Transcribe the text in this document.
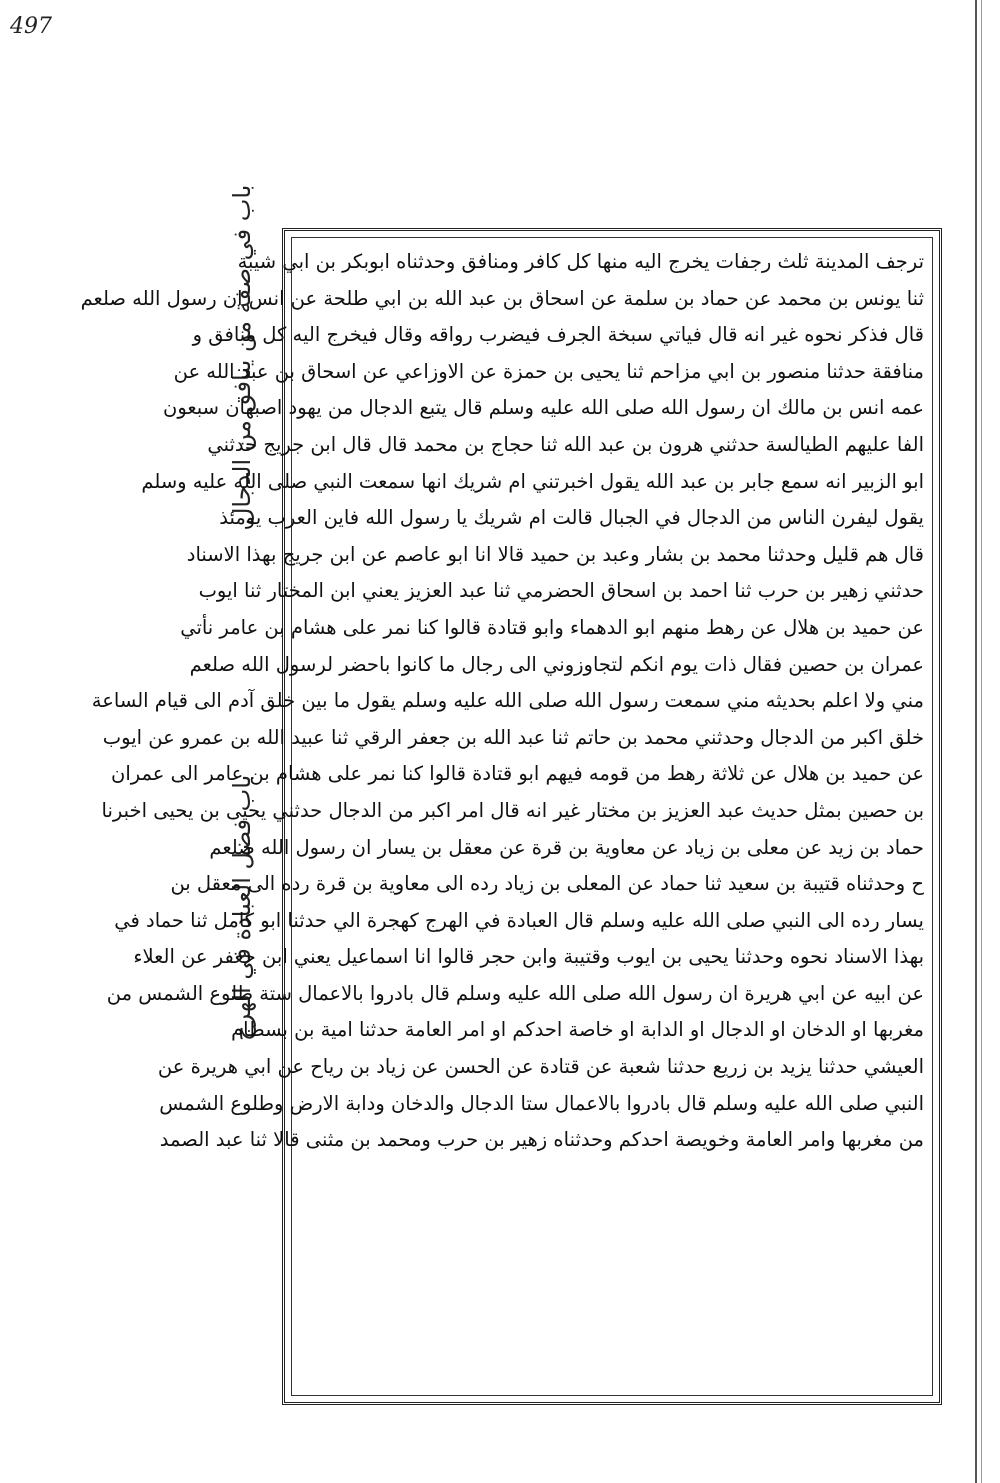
497
باب في صفة من ينافق من الدجال
باب فضل العبادة في الهرج
ترجف المدينة ثلث رجفات يخرج اليه منها كل كافر ومنافق وحدثناه ابوبكر بن ابي شيبة
ثنا يونس بن محمد عن حماد بن سلمة عن اسحاق بن عبد الله بن ابي طلحة عن انس ان رسول الله صلعم
قال فذكر نحوه غير انه قال فياتي سبخة الجرف فيضرب رواقه وقال فيخرج اليه كل منافق و
منافقة حدثنا منصور بن ابي مزاحم ثنا يحيى بن حمزة عن الاوزاعي عن اسحاق بن عبد الله عن
عمه انس بن مالك ان رسول الله صلى الله عليه وسلم قال يتبع الدجال من يهود اصبهان سبعون
الفا عليهم الطيالسة حدثني هرون بن عبد الله ثنا حجاج بن محمد قال قال ابن جريج حدثني
ابو الزبير انه سمع جابر بن عبد الله يقول اخبرتني ام شريك انها سمعت النبي صلى الله عليه وسلم
يقول ليفرن الناس من الدجال في الجبال قالت ام شريك يا رسول الله فاين العرب يومئذ
قال هم قليل وحدثنا محمد بن بشار وعبد بن حميد قالا انا ابو عاصم عن ابن جريج بهذا الاسناد
حدثني زهير بن حرب ثنا احمد بن اسحاق الحضرمي ثنا عبد العزيز يعني ابن المختار ثنا ايوب
عن حميد بن هلال عن رهط منهم ابو الدهماء وابو قتادة قالوا كنا نمر على هشام بن عامر نأتي
عمران بن حصين فقال ذات يوم انكم لتجاوزوني الى رجال ما كانوا باحضر لرسول الله صلعم
مني ولا اعلم بحديثه مني سمعت رسول الله صلى الله عليه وسلم يقول ما بين خلق آدم الى قيام الساعة
خلق اكبر من الدجال وحدثني محمد بن حاتم ثنا عبد الله بن جعفر الرقي ثنا عبيد الله بن عمرو عن ايوب
عن حميد بن هلال عن ثلاثة رهط من قومه فيهم ابو قتادة قالوا كنا نمر على هشام بن عامر الى عمران
بن حصين بمثل حديث عبد العزيز بن مختار غير انه قال امر اكبر من الدجال حدثني يحيى بن يحيى اخبرنا
حماد بن زيد عن معلى بن زياد عن معاوية بن قرة عن معقل بن يسار ان رسول الله صلعم
ح وحدثناه قتيبة بن سعيد ثنا حماد عن المعلى بن زياد رده الى معاوية بن قرة رده الى معقل بن
يسار رده الى النبي صلى الله عليه وسلم قال العبادة في الهرج كهجرة الي حدثنا ابو كامل ثنا حماد في
بهذا الاسناد نحوه وحدثنا يحيى بن ايوب وقتيبة وابن حجر قالوا انا اسماعيل يعني ابن جعفر عن العلاء
عن ابيه عن ابي هريرة ان رسول الله صلى الله عليه وسلم قال بادروا بالاعمال ستة طلوع الشمس من
مغربها او الدخان او الدجال او الدابة او خاصة احدكم او امر العامة حدثنا امية بن بسطام
العيشي حدثنا يزيد بن زريع حدثنا شعبة عن قتادة عن الحسن عن زياد بن رياح عن ابي هريرة عن
النبي صلى الله عليه وسلم قال بادروا بالاعمال ستا الدجال والدخان ودابة الارض وطلوع الشمس
من مغربها وامر العامة وخويصة احدكم وحدثناه زهير بن حرب ومحمد بن مثنى قالا ثنا عبد الصمد
